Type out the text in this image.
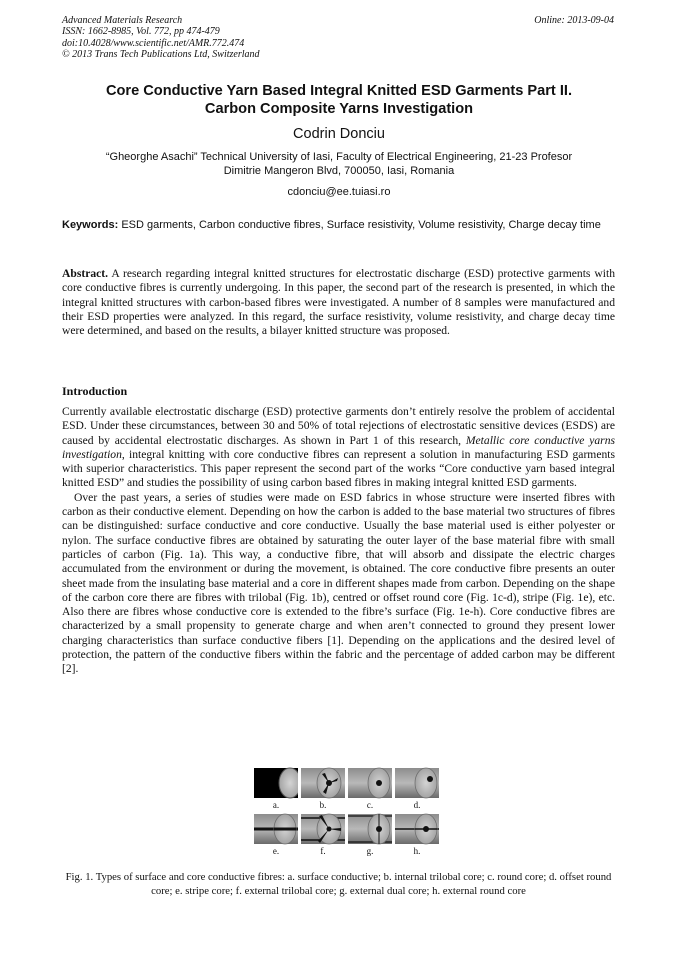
Advanced Materials Research
ISSN: 1662-8985, Vol. 772, pp 474-479
doi:10.4028/www.scientific.net/AMR.772.474
© 2013 Trans Tech Publications Ltd, Switzerland
Online: 2013-09-04
Core Conductive Yarn Based Integral Knitted ESD Garments Part II.
Carbon Composite Yarns Investigation
Codrin Donciu
“Gheorghe Asachi” Technical University of Iasi, Faculty of Electrical Engineering, 21-23 Profesor
Dimitrie Mangeron Blvd, 700050, Iasi, Romania
cdonciu@ee.tuiasi.ro
Keywords: ESD garments, Carbon conductive fibres, Surface resistivity, Volume resistivity, Charge decay time
Abstract. A research regarding integral knitted structures for electrostatic discharge (ESD) protective garments with core conductive fibres is currently undergoing. In this paper, the second part of the research is presented, in which the integral knitted structures with carbon-based fibres were investigated. A number of 8 samples were manufactured and their ESD properties were analyzed. In this regard, the surface resistivity, volume resistivity, and charge decay time were determined, and based on the results, a bilayer knitted structure was proposed.
Introduction

Currently available electrostatic discharge (ESD) protective garments don’t entirely resolve the problem of accidental ESD. Under these circumstances, between 30 and 50% of total rejections of electrostatic sensitive devices (ESDS) are caused by accidental electrostatic discharges. As shown in Part 1 of this research, Metallic core conductive yarns investigation, integral knitting with core conductive fibres can represent a solution in manufacturing ESD garments with superior characteristics. This paper represent the second part of the works “Core conductive yarn based integral knitted ESD” and studies the possibility of using carbon based fibres in making integral knitted ESD garments.

Over the past years, a series of studies were made on ESD fabrics in whose structure were inserted fibres with carbon as their conductive element. Depending on how the carbon is added to the base material two structures of fibres can be distinguished: surface conductive and core conductive. Usually the base material used is either polyester or nylon. The surface conductive fibres are obtained by saturating the outer layer of the base material fibre with small particles of carbon (Fig. 1a). This way, a conductive fibre, that will absorb and dissipate the electric charges accumulated from the environment or during the movement, is obtained. The core conductive fibre presents an outer sheet made from the insulating base material and a core in different shapes made from carbon. Depending on the shape of the carbon core there are fibres with trilobal (Fig. 1b), centred or offset round core (Fig. 1c-d), stripe (Fig. 1e), etc. Also there are fibres whose conductive core is extended to the fibre’s surface (Fig. 1e-h). Core conductive fibres are characterized by a small propensity to generate charge and when aren’t connected to ground they present lower charging characteristics than surface conductive fibers [1]. Depending on the applications and the desired level of protection, the pattern of the conductive fibers within the fabric and the percentage of added carbon may be different [2].

a.	b.	c.	d.
e.	f.	g.	h.
Fig. 1. Types of surface and core conductive fibres: a. surface conductive; b. internal trilobal core; c. round core; d. offset round core; e. stripe core; f. external trilobal core; g. external dual core; h. external round core
